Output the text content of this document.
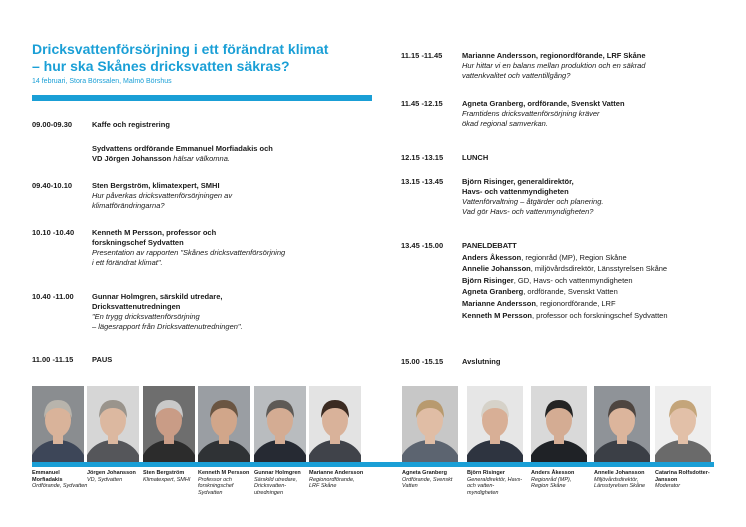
Dricksvattenförsörjning i ett förändrat klimat
– hur ska Skånes dricksvatten säkras?
14 februari, Stora Börssalen, Malmö Börshus
09.00-09.30	Kaffe och registrering
Sydvattens ordförande Emmanuel Morfiadakis och
VD Jörgen Johansson hälsar välkomna.
09.40-10.10	Sten Bergström, klimatexpert, SMHI
Hur påverkas dricksvattenförsörjningen av
klimatförändringarna?
10.10 -10.40 Kenneth M Persson, professor och
forskningschef Sydvatten
Presentation av rapporten "Skånes dricksvattenförsörjning
i ett förändrat klimat".
10.40 -11.00 Gunnar Holmgren, särskild utredare,
Dricksvattenutredningen
"En trygg dricksvattenförsörjning
– lägesrapport från Dricksvattenutredningen".
11.00 -11.15 PAUS
11.15 -11.45	Marianne Andersson, regionordförande, LRF Skåne
Hur hittar vi en balans mellan produktion och en säkrad
vattenkvalitet och vattentillgång?
11.45 -12.15	Agneta Granberg, ordförande, Svenskt Vatten
Framtidens dricksvattenförsörjning kräver
ökad regional samverkan.
12.15 -13.15	LUNCH
13.15 -13.45	Björn Risinger, generaldirektör,
Havs- och vattenmyndigheten
Vattenförvaltning – åtgärder och planering.
Vad gör Havs- och vattenmyndigheten?
13.45 -15.00	PANELDEBATT
Anders Åkesson, regionråd (MP), Region Skåne
Annelie Johansson, miljövårdsdirektör, Länsstyrelsen Skåne
Björn Risinger, GD, Havs- och vattenmyndigheten
Agneta Granberg, ordförande, Svenskt Vatten
Marianne Andersson, regionordförande, LRF
Kenneth M Persson, professor och forskningschef Sydvatten
15.00 -15.15	Avslutning
Emmanuel Morfiadakis
Ordförande, Sydvatten
Jörgen Johansson
VD, Sydvatten
Sten Bergström
Klimatexpert, SMHI
Kenneth M Persson
Professor och forskningschef Sydvatten
Gunnar Holmgren
Särskild utredare, Dricksvatten-utredningen
Marianne Andersson
Regionordförande, LRF Skåne
Agneta Granberg
Ordförande, Svenskt Vatten
Björn Risinger
Generaldirektör, Havs- och vatten-myndigheten
Anders Åkesson
Regionråd (MP), Region Skåne
Annelie Johansson
Miljövårdsdirektör, Länsstyrelsen Skåne
Catarina Rolfsdotter-Jansson
Moderator
